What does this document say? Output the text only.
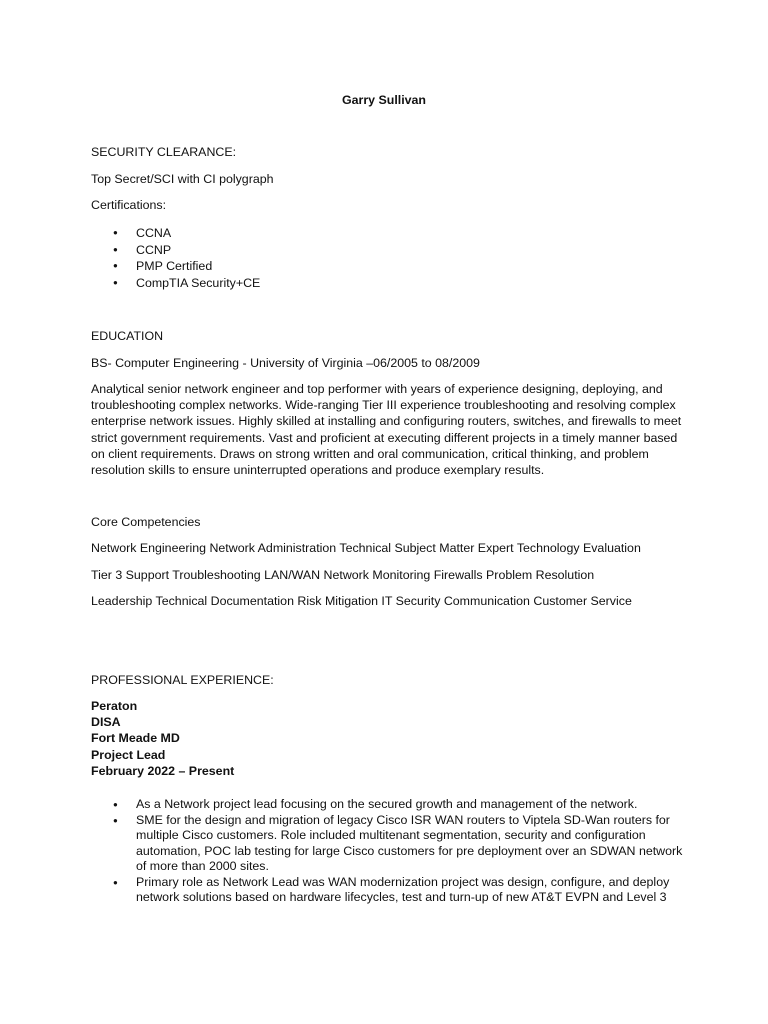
Garry Sullivan
SECURITY CLEARANCE:
Top Secret/SCI with CI polygraph
Certifications:
● CCNA
● CCNP
● PMP Certified
● CompTIA Security+CE
EDUCATION
BS- Computer Engineering - University of Virginia –06/2005 to 08/2009
Analytical senior network engineer and top performer with years of experience designing, deploying, and troubleshooting complex networks. Wide-ranging Tier III experience troubleshooting and resolving complex enterprise network issues. Highly skilled at installing and configuring routers, switches, and firewalls to meet strict government requirements. Vast and proficient at executing different projects in a timely manner based on client requirements. Draws on strong written and oral communication, critical thinking, and problem resolution skills to ensure uninterrupted operations and produce exemplary results.
Core Competencies
Network Engineering Network Administration Technical Subject Matter Expert Technology Evaluation
Tier 3 Support Troubleshooting LAN/WAN Network Monitoring Firewalls Problem Resolution
Leadership Technical Documentation Risk Mitigation IT Security Communication Customer Service
PROFESSIONAL EXPERIENCE:
Peraton
DISA
Fort Meade MD
Project Lead
February 2022 – Present
● As a Network project lead focusing on the secured growth and management of the network.
● SME for the design and migration of legacy Cisco ISR WAN routers to Viptela SD-Wan routers for multiple Cisco customers. Role included multitenant segmentation, security and configuration automation, POC lab testing for large Cisco customers for pre deployment over an SDWAN network of more than 2000 sites.
● Primary role as Network Lead was WAN modernization project was design, configure, and deploy network solutions based on hardware lifecycles, test and turn-up of new AT&T EVPN and Level 3
